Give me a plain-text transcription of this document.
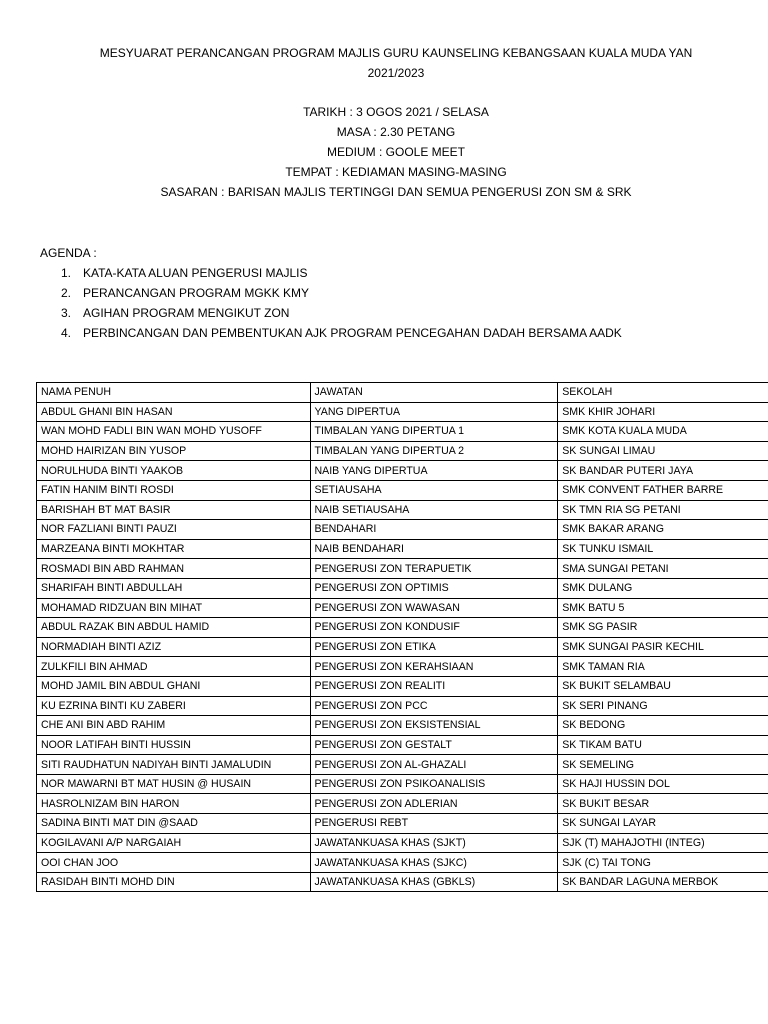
MESYUARAT PERANCANGAN PROGRAM MAJLIS GURU KAUNSELING KEBANGSAAN KUALA MUDA YAN
2021/2023
TARIKH : 3 OGOS 2021 / SELASA
MASA : 2.30 PETANG
MEDIUM : GOOLE MEET
TEMPAT : KEDIAMAN MASING-MASING
SASARAN : BARISAN MAJLIS TERTINGGI DAN SEMUA PENGERUSI ZON SM & SRK
AGENDA :
1. KATA-KATA ALUAN PENGERUSI MAJLIS
2. PERANCANGAN PROGRAM MGKK KMY
3. AGIHAN PROGRAM MENGIKUT ZON
4. PERBINCANGAN DAN PEMBENTUKAN AJK PROGRAM PENCEGAHAN DADAH BERSAMA AADK
NAMA PENUH	JAWATAN	SEKOLAH
ABDUL GHANI BIN HASAN	YANG DIPERTUA	SMK KHIR JOHARI
WAN MOHD FADLI BIN WAN MOHD YUSOFF	TIMBALAN YANG DIPERTUA 1	SMK KOTA KUALA MUDA
MOHD HAIRIZAN BIN YUSOP	TIMBALAN YANG DIPERTUA 2	SK SUNGAI LIMAU
NORULHUDA BINTI YAAKOB	NAIB YANG DIPERTUA	SK BANDAR PUTERI JAYA
FATIN HANIM BINTI ROSDI	SETIAUSAHA	SMK CONVENT FATHER BARRE
BARISHAH BT MAT BASIR	NAIB SETIAUSAHA	SK TMN RIA SG PETANI
NOR FAZLIANI BINTI PAUZI	BENDAHARI	SMK BAKAR ARANG
MARZEANA BINTI MOKHTAR	NAIB BENDAHARI	SK TUNKU ISMAIL
ROSMADI BIN ABD RAHMAN	PENGERUSI ZON TERAPUETIK	SMA SUNGAI PETANI
SHARIFAH BINTI ABDULLAH	PENGERUSI ZON OPTIMIS	SMK DULANG
MOHAMAD RIDZUAN BIN MIHAT	PENGERUSI ZON WAWASAN	SMK BATU 5
ABDUL RAZAK BIN ABDUL HAMID	PENGERUSI ZON KONDUSIF	SMK SG PASIR
NORMADIAH BINTI AZIZ	PENGERUSI ZON ETIKA	SMK SUNGAI PASIR KECHIL
ZULKFILI BIN AHMAD	PENGERUSI ZON KERAHSIAAN	SMK TAMAN RIA
MOHD JAMIL BIN ABDUL GHANI	PENGERUSI ZON REALITI	SK BUKIT SELAMBAU
KU EZRINA BINTI KU ZABERI	PENGERUSI ZON PCC	SK SERI PINANG
CHE ANI BIN ABD RAHIM	PENGERUSI ZON EKSISTENSIAL	SK BEDONG
NOOR LATIFAH BINTI HUSSIN	PENGERUSI ZON GESTALT	SK TIKAM BATU
SITI RAUDHATUN NADIYAH BINTI JAMALUDIN	PENGERUSI ZON AL-GHAZALI	SK SEMELING
NOR MAWARNI BT MAT HUSIN @ HUSAIN	PENGERUSI ZON PSIKOANALISIS	SK HAJI HUSSIN DOL
HASROLNIZAM BIN HARON	PENGERUSI ZON ADLERIAN	SK BUKIT BESAR
SADINA BINTI MAT DIN @SAAD	PENGERUSI REBT	SK SUNGAI LAYAR
KOGILAVANI A/P NARGAIAH	JAWATANKUASA KHAS (SJKT)	SJK (T) MAHAJOTHI (INTEG)
OOI CHAN JOO	JAWATANKUASA KHAS (SJKC)	SJK (C) TAI TONG
RASIDAH BINTI MOHD DIN	JAWATANKUASA KHAS (GBKLS)	SK BANDAR LAGUNA MERBOK
